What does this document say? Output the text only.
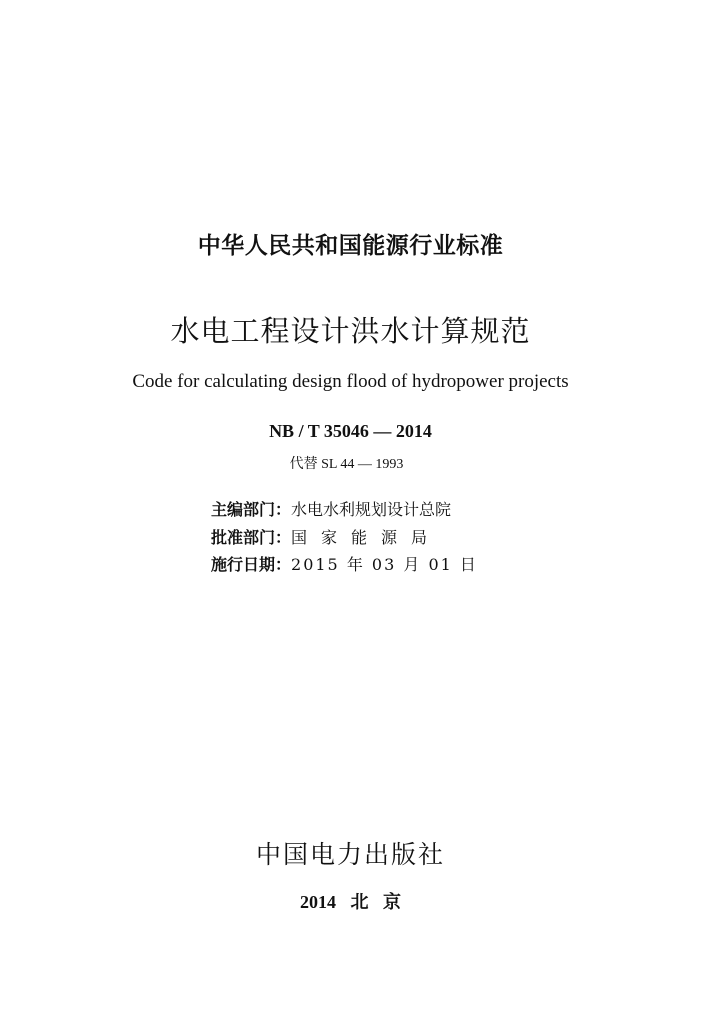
中华人民共和国能源行业标准
水电工程设计洪水计算规范
Code for calculating design flood of hydropower projects
NB / T 35046 — 2014
代替 SL 44 — 1993
主编部门：水电水利规划设计总院
批准部门：国家能源局
施行日期：2015 年 03 月 01 日
中国电力出版社
2014 北 京
